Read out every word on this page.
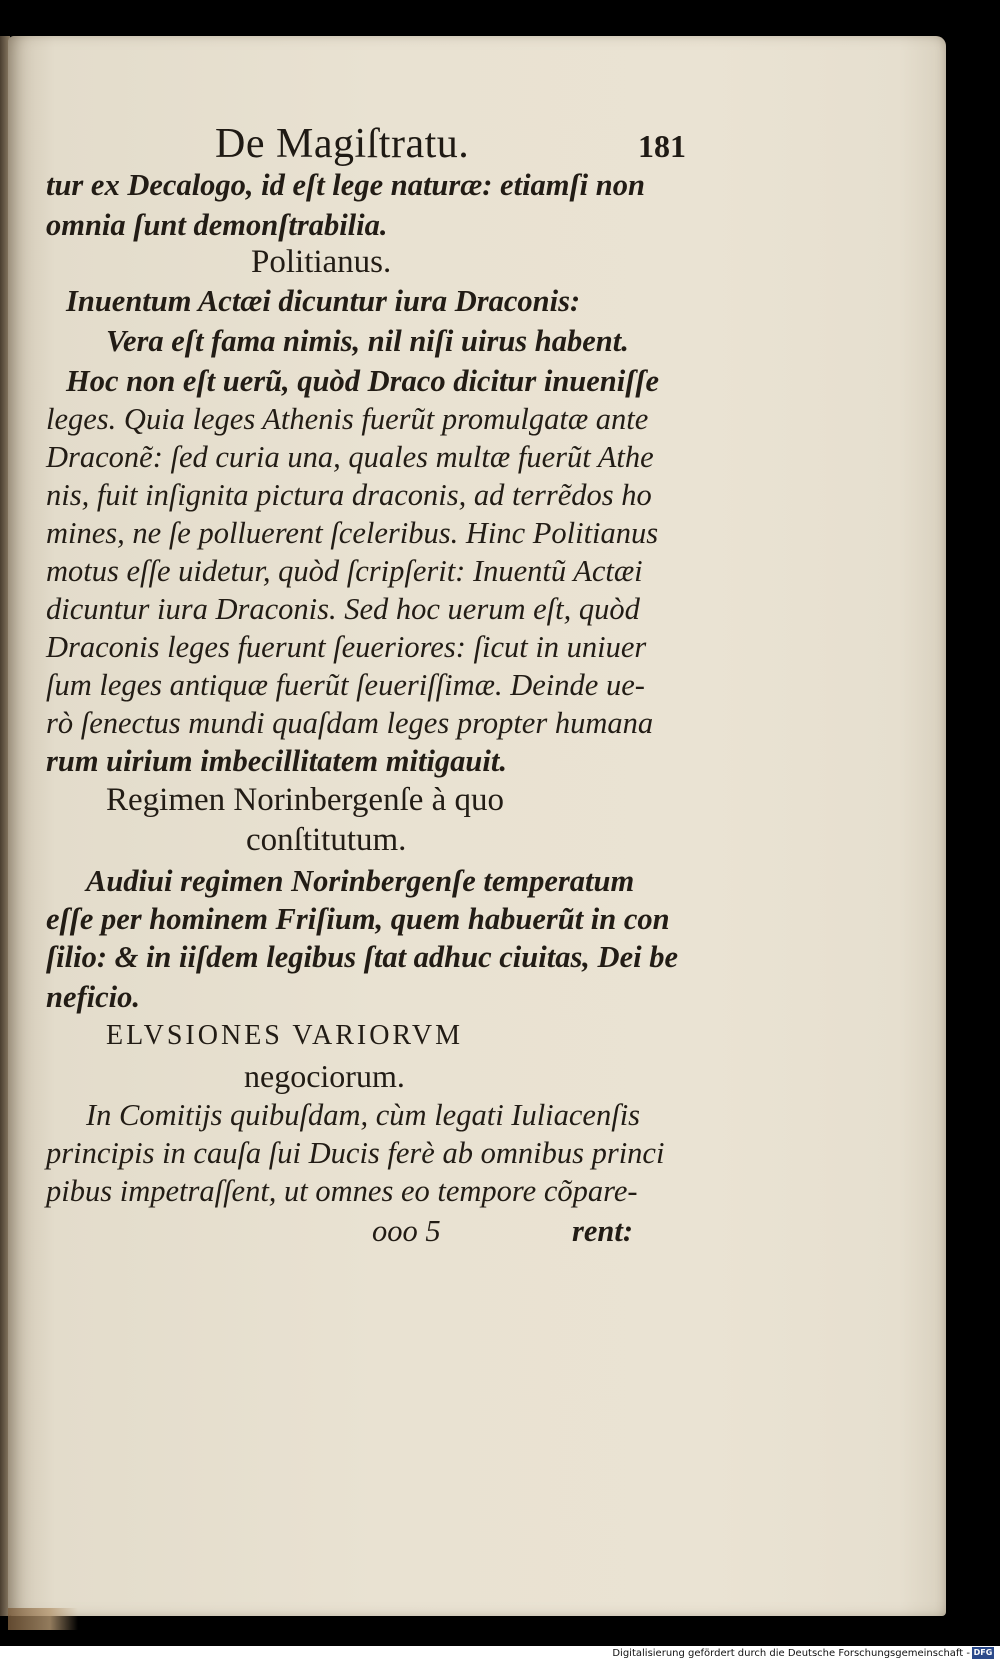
De Magiſtratu.	181
tur ex Decalogo, id eſt lege naturæ: etiamſi non
omnia ſunt demonſtrabilia.
Politianus.
Inuentum Actæi dicuntur iura Draconis:
Vera eſt fama nimis, nil niſi uirus habent.
Hoc non eſt uerũ, quòd Draco dicitur inueniſſe
leges. Quia leges Athenis fuerũt promulgatæ ante
Draconẽ: ſed curia una, quales multæ fuerũt Athe
nis, fuit inſignita pictura draconis, ad terrẽdos ho
mines, ne ſe polluerent ſceleribus. Hinc Politianus
motus eſſe uidetur, quòd ſcripſerit: Inuentũ Actæi
dicuntur iura Draconis. Sed hoc uerum eſt, quòd
Draconis leges fuerunt ſeueriores: ſicut in uniuer
ſum leges antiquæ fuerũt ſeueriſſimæ. Deinde ue-
rò ſenectus mundi quaſdam leges propter humana
rum uirium imbecillitatem mitigauit.
Regimen Norinbergenſe à quo
conſtitutum.
Audiui regimen Norinbergenſe temperatum
eſſe per hominem Friſium, quem habuerũt in con
ſilio: & in iiſdem legibus ſtat adhuc ciuitas, Dei be
neficio.
ELVSIONES VARIORVM
negociorum.
In Comitijs quibuſdam, cùm legati Iuliacenſis
principis in cauſa ſui Ducis ferè ab omnibus princi
pibus impetraſſent, ut omnes eo tempore cõpare-
ooo 5	rent:
Digitalisierung gefördert durch die Deutsche Forschungsgemeinschaft - DFG
